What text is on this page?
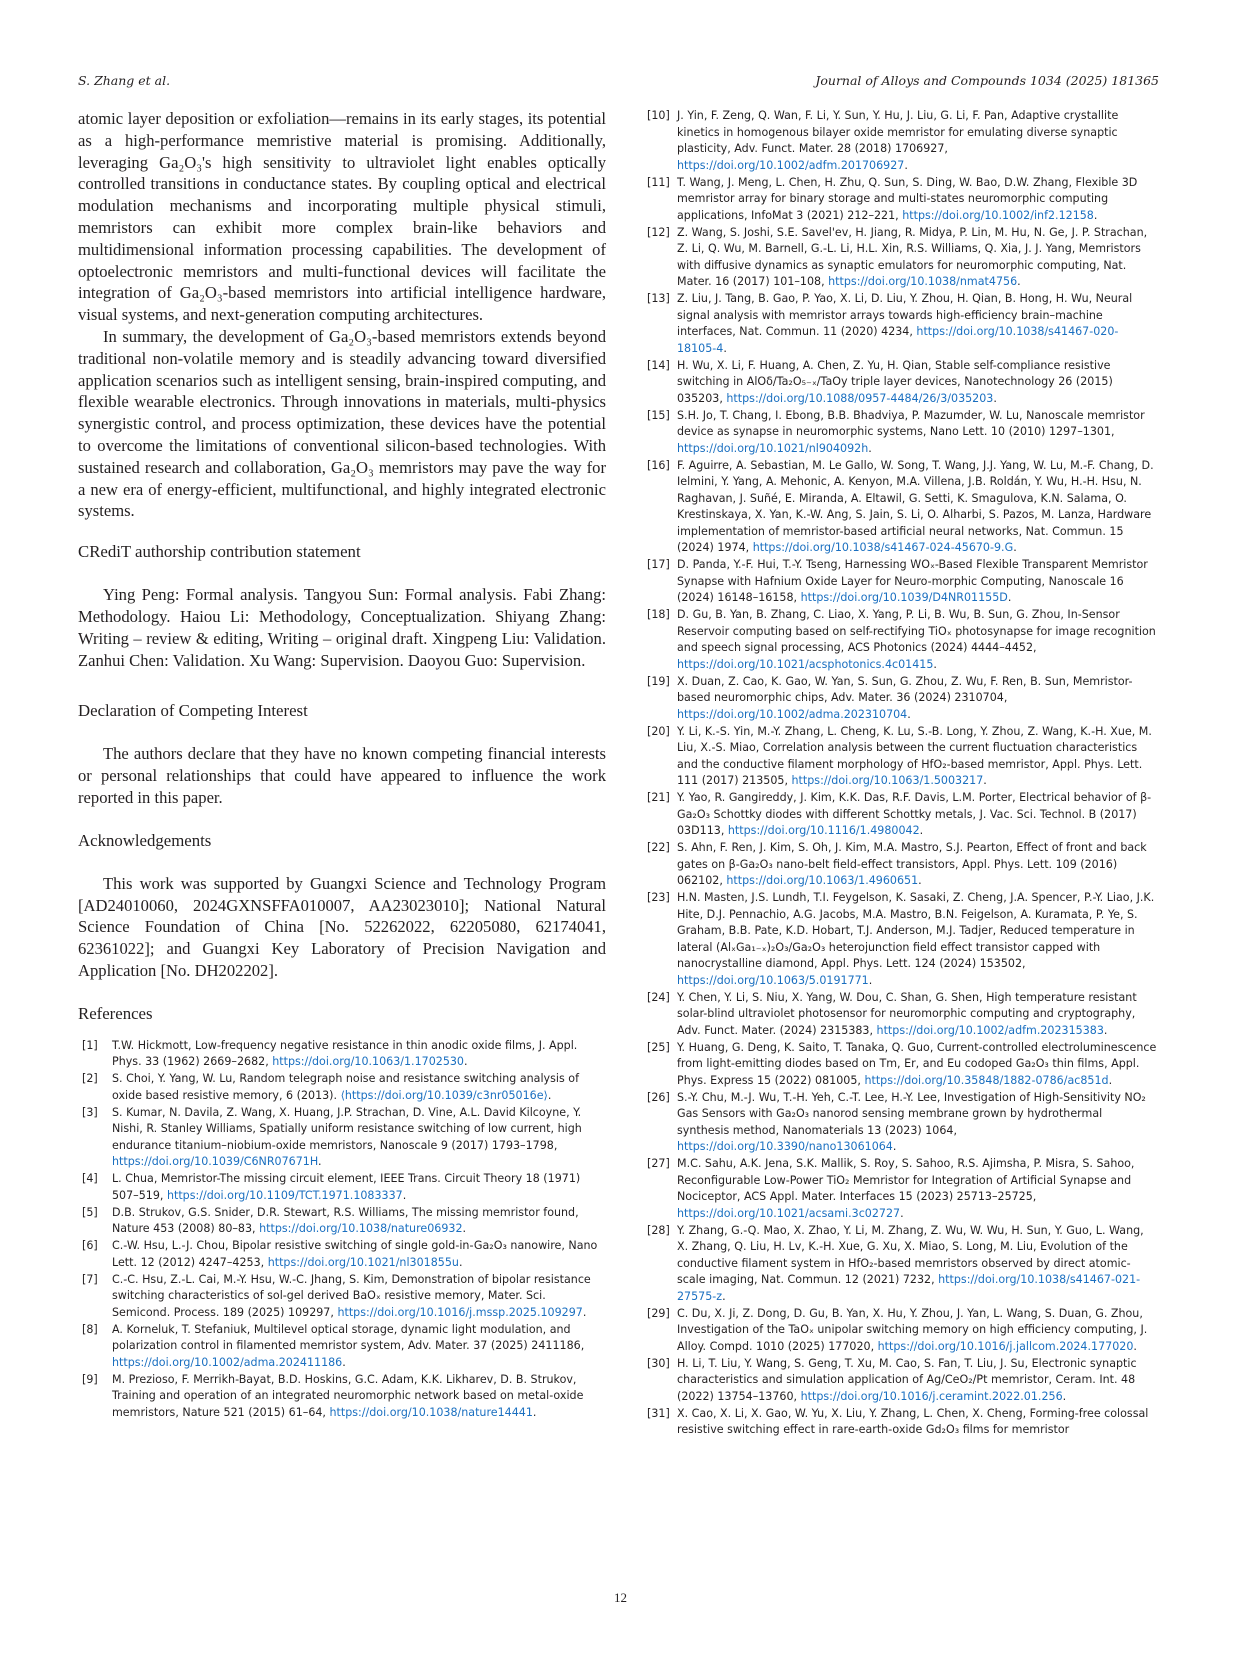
S. Zhang et al.	Journal of Alloys and Compounds 1034 (2025) 181365

atomic layer deposition or exfoliation—remains in its early stages, its potential as a high-performance memristive material is promising. Additionally, leveraging Ga₂O₃'s high sensitivity to ultraviolet light enables optically controlled transitions in conductance states. By coupling optical and electrical modulation mechanisms and incorporating multiple physical stimuli, memristors can exhibit more complex brain-like behaviors and multidimensional information processing capabilities. The development of optoelectronic memristors and multi-functional devices will facilitate the integration of Ga₂O₃-based memristors into artificial intelligence hardware, visual systems, and next-generation computing architectures.

In summary, the development of Ga₂O₃-based memristors extends beyond traditional non-volatile memory and is steadily advancing toward diversified application scenarios such as intelligent sensing, brain-inspired computing, and flexible wearable electronics. Through innovations in materials, multi-physics synergistic control, and process optimization, these devices have the potential to overcome the limitations of conventional silicon-based technologies. With sustained research and collaboration, Ga₂O₃ memristors may pave the way for a new era of energy-efficient, multifunctional, and highly integrated electronic systems.

CRediT authorship contribution statement

Ying Peng: Formal analysis. Tangyou Sun: Formal analysis. Fabi Zhang: Methodology. Haiou Li: Methodology, Conceptualization. Shiyang Zhang: Writing – review & editing, Writing – original draft. Xingpeng Liu: Validation. Zanhui Chen: Validation. Xu Wang: Supervision. Daoyou Guo: Supervision.

Declaration of Competing Interest

The authors declare that they have no known competing financial interests or personal relationships that could have appeared to influence the work reported in this paper.

Acknowledgements

This work was supported by Guangxi Science and Technology Program [AD24010060, 2024GXNSFFA010007, AA23023010]; National Natural Science Foundation of China [No. 52262022, 62205080, 62174041, 62361022]; and Guangxi Key Laboratory of Precision Navigation and Application [No. DH202202].

References
[1] T.W. Hickmott, Low-frequency negative resistance in thin anodic oxide films, J. Appl. Phys. 33 (1962) 2669–2682, https://doi.org/10.1063/1.1702530.
[2] S. Choi, Y. Yang, W. Lu, Random telegraph noise and resistance switching analysis of oxide based resistive memory, 6 (2013). ⟨https://doi.org/10.1039/c3nr05016e⟩.
[3] S. Kumar, N. Davila, Z. Wang, X. Huang, J.P. Strachan, D. Vine, A.L. David Kilcoyne, Y. Nishi, R. Stanley Williams, Spatially uniform resistance switching of low current, high endurance titanium–niobium-oxide memristors, Nanoscale 9 (2017) 1793–1798, https://doi.org/10.1039/C6NR07671H.
[4] L. Chua, Memristor-The missing circuit element, IEEE Trans. Circuit Theory 18 (1971) 507–519, https://doi.org/10.1109/TCT.1971.1083337.
[5] D.B. Strukov, G.S. Snider, D.R. Stewart, R.S. Williams, The missing memristor found, Nature 453 (2008) 80–83, https://doi.org/10.1038/nature06932.
[6] C.-W. Hsu, L.-J. Chou, Bipolar resistive switching of single gold-in-Ga₂O₃ nanowire, Nano Lett. 12 (2012) 4247–4253, https://doi.org/10.1021/nl301855u.
[7] C.-C. Hsu, Z.-L. Cai, M.-Y. Hsu, W.-C. Jhang, S. Kim, Demonstration of bipolar resistance switching characteristics of sol-gel derived BaOₓ resistive memory, Mater. Sci. Semicond. Process. 189 (2025) 109297, https://doi.org/10.1016/j.mssp.2025.109297.
[8] A. Korneluk, T. Stefaniuk, Multilevel optical storage, dynamic light modulation, and polarization control in filamented memristor system, Adv. Mater. 37 (2025) 2411186, https://doi.org/10.1002/adma.202411186.
[9] M. Prezioso, F. Merrikh-Bayat, B.D. Hoskins, G.C. Adam, K.K. Likharev, D. B. Strukov, Training and operation of an integrated neuromorphic network based on metal-oxide memristors, Nature 521 (2015) 61–64, https://doi.org/10.1038/nature14441.
[10] J. Yin, F. Zeng, Q. Wan, F. Li, Y. Sun, Y. Hu, J. Liu, G. Li, F. Pan, Adaptive crystallite kinetics in homogenous bilayer oxide memristor for emulating diverse synaptic plasticity, Adv. Funct. Mater. 28 (2018) 1706927, https://doi.org/10.1002/adfm.201706927.
[11] T. Wang, J. Meng, L. Chen, H. Zhu, Q. Sun, S. Ding, W. Bao, D.W. Zhang, Flexible 3D memristor array for binary storage and multi-states neuromorphic computing applications, InfoMat 3 (2021) 212–221, https://doi.org/10.1002/inf2.12158.
[12] Z. Wang, S. Joshi, S.E. Savel'ev, H. Jiang, R. Midya, P. Lin, M. Hu, N. Ge, J. P. Strachan, Z. Li, Q. Wu, M. Barnell, G.-L. Li, H.L. Xin, R.S. Williams, Q. Xia, J. J. Yang, Memristors with diffusive dynamics as synaptic emulators for neuromorphic computing, Nat. Mater. 16 (2017) 101–108, https://doi.org/10.1038/nmat4756.
[13] Z. Liu, J. Tang, B. Gao, P. Yao, X. Li, D. Liu, Y. Zhou, H. Qian, B. Hong, H. Wu, Neural signal analysis with memristor arrays towards high-efficiency brain–machine interfaces, Nat. Commun. 11 (2020) 4234, https://doi.org/10.1038/s41467-020-18105-4.
[14] H. Wu, X. Li, F. Huang, A. Chen, Z. Yu, H. Qian, Stable self-compliance resistive switching in AlOδ/Ta₂O₅₋ₓ/TaOy triple layer devices, Nanotechnology 26 (2015) 035203, https://doi.org/10.1088/0957-4484/26/3/035203.
[15] S.H. Jo, T. Chang, I. Ebong, B.B. Bhadviya, P. Mazumder, W. Lu, Nanoscale memristor device as synapse in neuromorphic systems, Nano Lett. 10 (2010) 1297–1301, https://doi.org/10.1021/nl904092h.
[16] F. Aguirre, A. Sebastian, M. Le Gallo, W. Song, T. Wang, J.J. Yang, W. Lu, M.-F. Chang, D. Ielmini, Y. Yang, A. Mehonic, A. Kenyon, M.A. Villena, J.B. Roldán, Y. Wu, H.-H. Hsu, N. Raghavan, J. Suñé, E. Miranda, A. Eltawil, G. Setti, K. Smagulova, K.N. Salama, O. Krestinskaya, X. Yan, K.-W. Ang, S. Jain, S. Li, O. Alharbi, S. Pazos, M. Lanza, Hardware implementation of memristor-based artificial neural networks, Nat. Commun. 15 (2024) 1974, https://doi.org/10.1038/s41467-024-45670-9.G.
[17] D. Panda, Y.-F. Hui, T.-Y. Tseng, Harnessing WOₓ-Based Flexible Transparent Memristor Synapse with Hafnium Oxide Layer for Neuro-morphic Computing, Nanoscale 16 (2024) 16148–16158, https://doi.org/10.1039/D4NR01155D.
[18] D. Gu, B. Yan, B. Zhang, C. Liao, X. Yang, P. Li, B. Wu, B. Sun, G. Zhou, In-Sensor Reservoir computing based on self-rectifying TiOₓ photosynapse for image recognition and speech signal processing, ACS Photonics (2024) 4444–4452, https://doi.org/10.1021/acsphotonics.4c01415.
[19] X. Duan, Z. Cao, K. Gao, W. Yan, S. Sun, G. Zhou, Z. Wu, F. Ren, B. Sun, Memristor-based neuromorphic chips, Adv. Mater. 36 (2024) 2310704, https://doi.org/10.1002/adma.202310704.
[20] Y. Li, K.-S. Yin, M.-Y. Zhang, L. Cheng, K. Lu, S.-B. Long, Y. Zhou, Z. Wang, K.-H. Xue, M. Liu, X.-S. Miao, Correlation analysis between the current fluctuation characteristics and the conductive filament morphology of HfO₂-based memristor, Appl. Phys. Lett. 111 (2017) 213505, https://doi.org/10.1063/1.5003217.
[21] Y. Yao, R. Gangireddy, J. Kim, K.K. Das, R.F. Davis, L.M. Porter, Electrical behavior of β-Ga₂O₃ Schottky diodes with different Schottky metals, J. Vac. Sci. Technol. B (2017) 03D113, https://doi.org/10.1116/1.4980042.
[22] S. Ahn, F. Ren, J. Kim, S. Oh, J. Kim, M.A. Mastro, S.J. Pearton, Effect of front and back gates on β-Ga₂O₃ nano-belt field-effect transistors, Appl. Phys. Lett. 109 (2016) 062102, https://doi.org/10.1063/1.4960651.
[23] H.N. Masten, J.S. Lundh, T.I. Feygelson, K. Sasaki, Z. Cheng, J.A. Spencer, P.-Y. Liao, J.K. Hite, D.J. Pennachio, A.G. Jacobs, M.A. Mastro, B.N. Feigelson, A. Kuramata, P. Ye, S. Graham, B.B. Pate, K.D. Hobart, T.J. Anderson, M.J. Tadjer, Reduced temperature in lateral (AlₓGa₁₋ₓ)₂O₃/Ga₂O₃ heterojunction field effect transistor capped with nanocrystalline diamond, Appl. Phys. Lett. 124 (2024) 153502, https://doi.org/10.1063/5.0191771.
[24] Y. Chen, Y. Li, S. Niu, X. Yang, W. Dou, C. Shan, G. Shen, High temperature resistant solar-blind ultraviolet photosensor for neuromorphic computing and cryptography, Adv. Funct. Mater. (2024) 2315383, https://doi.org/10.1002/adfm.202315383.
[25] Y. Huang, G. Deng, K. Saito, T. Tanaka, Q. Guo, Current-controlled electroluminescence from light-emitting diodes based on Tm, Er, and Eu codoped Ga₂O₃ thin films, Appl. Phys. Express 15 (2022) 081005, https://doi.org/10.35848/1882-0786/ac851d.
[26] S.-Y. Chu, M.-J. Wu, T.-H. Yeh, C.-T. Lee, H.-Y. Lee, Investigation of High-Sensitivity NO₂ Gas Sensors with Ga₂O₃ nanorod sensing membrane grown by hydrothermal synthesis method, Nanomaterials 13 (2023) 1064, https://doi.org/10.3390/nano13061064.
[27] M.C. Sahu, A.K. Jena, S.K. Mallik, S. Roy, S. Sahoo, R.S. Ajimsha, P. Misra, S. Sahoo, Reconfigurable Low-Power TiO₂ Memristor for Integration of Artificial Synapse and Nociceptor, ACS Appl. Mater. Interfaces 15 (2023) 25713–25725, https://doi.org/10.1021/acsami.3c02727.
[28] Y. Zhang, G.-Q. Mao, X. Zhao, Y. Li, M. Zhang, Z. Wu, W. Wu, H. Sun, Y. Guo, L. Wang, X. Zhang, Q. Liu, H. Lv, K.-H. Xue, G. Xu, X. Miao, S. Long, M. Liu, Evolution of the conductive filament system in HfO₂-based memristors observed by direct atomic-scale imaging, Nat. Commun. 12 (2021) 7232, https://doi.org/10.1038/s41467-021-27575-z.
[29] C. Du, X. Ji, Z. Dong, D. Gu, B. Yan, X. Hu, Y. Zhou, J. Yan, L. Wang, S. Duan, G. Zhou, Investigation of the TaOₓ unipolar switching memory on high efficiency computing, J. Alloy. Compd. 1010 (2025) 177020, https://doi.org/10.1016/j.jallcom.2024.177020.
[30] H. Li, T. Liu, Y. Wang, S. Geng, T. Xu, M. Cao, S. Fan, T. Liu, J. Su, Electronic synaptic characteristics and simulation application of Ag/CeO₂/Pt memristor, Ceram. Int. 48 (2022) 13754–13760, https://doi.org/10.1016/j.ceramint.2022.01.256.
[31] X. Cao, X. Li, X. Gao, W. Yu, X. Liu, Y. Zhang, L. Chen, X. Cheng, Forming-free colossal resistive switching effect in rare-earth-oxide Gd₂O₃ films for memristor
12
